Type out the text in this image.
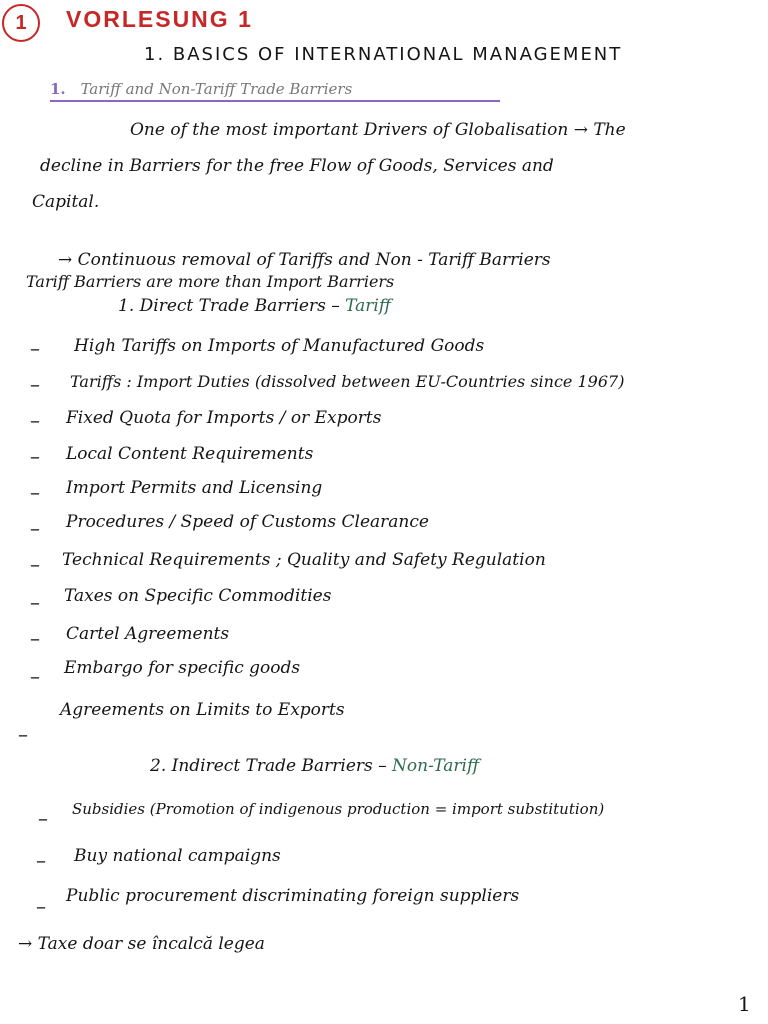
1	VORLESUNG 1
1. BASICS OF INTERNATIONAL MANAGEMENT
1. Tariff and Non-Tariff Trade Barriers
One of the most important Drivers of Globalisation → The
decline in Barriers for the free Flow of Goods, Services and
Capital.
→ Continuous removal of Tariffs and Non - Tariff Barriers
Tariff Barriers are more than Import Barriers
1. Direct Trade Barriers – Tariff
– High Tariffs on Imports of Manufactured Goods
– Tariffs : Import Duties (dissolved between EU-Countries since 1967)
– Fixed Quota for Imports / or Exports
– Local Content Requirements
– Import Permits and Licensing
– Procedures / Speed of Customs Clearance
– Technical Requirements ; Quality and Safety Regulation
– Taxes on Specific Commodities
– Cartel Agreements
– Embargo for specific goods
–
Agreements on Limits to Exports
2. Indirect Trade Barriers – Non-Tariff
– Subsidies (Promotion of indigenous production = import substitution)
– Buy national campaigns
– Public procurement discriminating foreign suppliers
→ Taxe doar se încalcă legea
1
